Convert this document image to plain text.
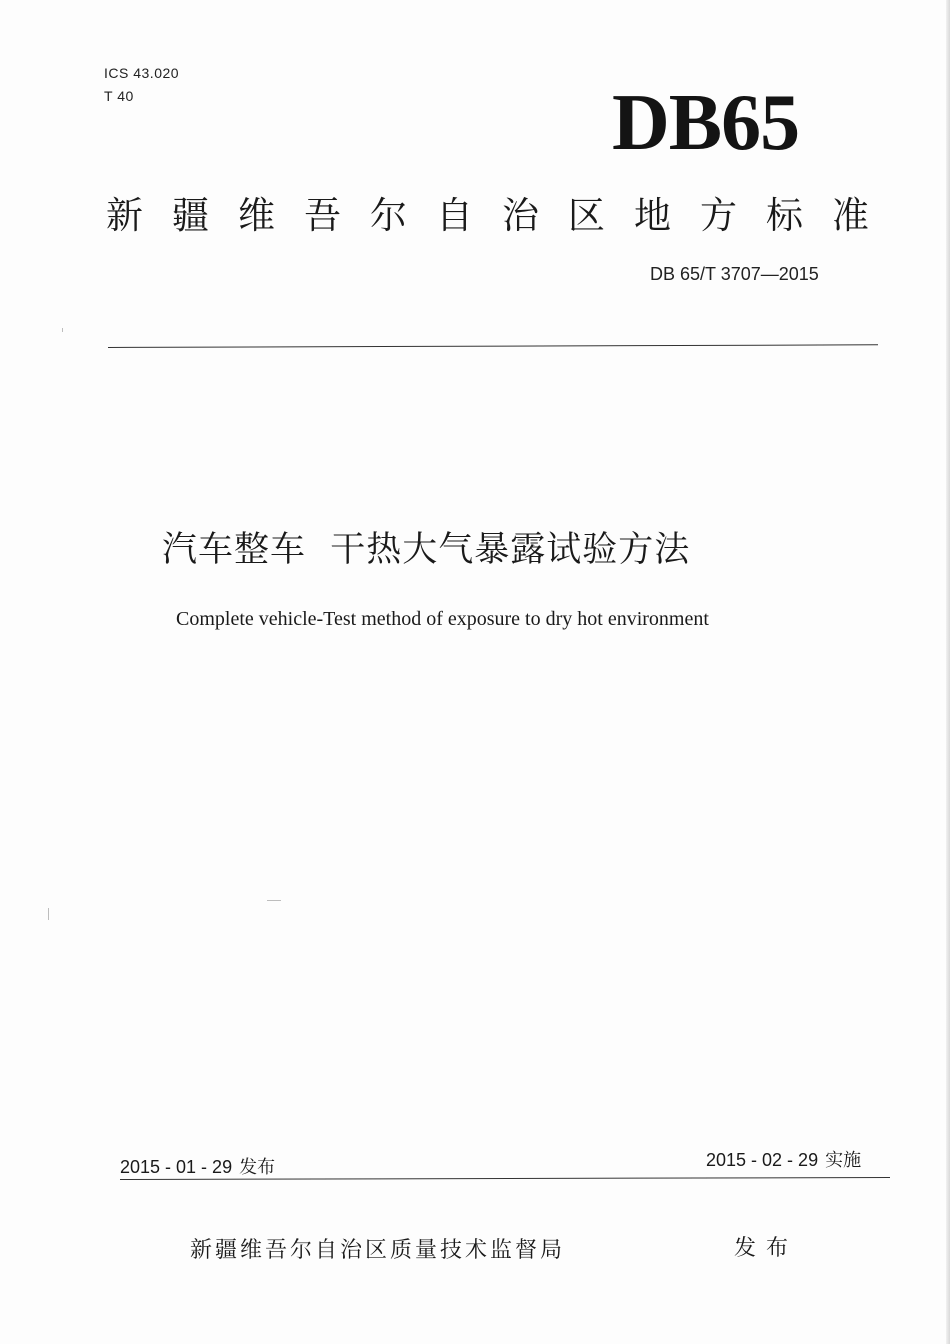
ICS 43.020
T 40	DB65
新疆维吾尔自治区地方标准
DB 65/T 3707—2015
汽车整车  干热大气暴露试验方法
Complete vehicle-Test method of exposure to dry hot environment
2015 - 01 - 29 发布	2015 - 02 - 29 实施
新疆维吾尔自治区质量技术监督局	发布
